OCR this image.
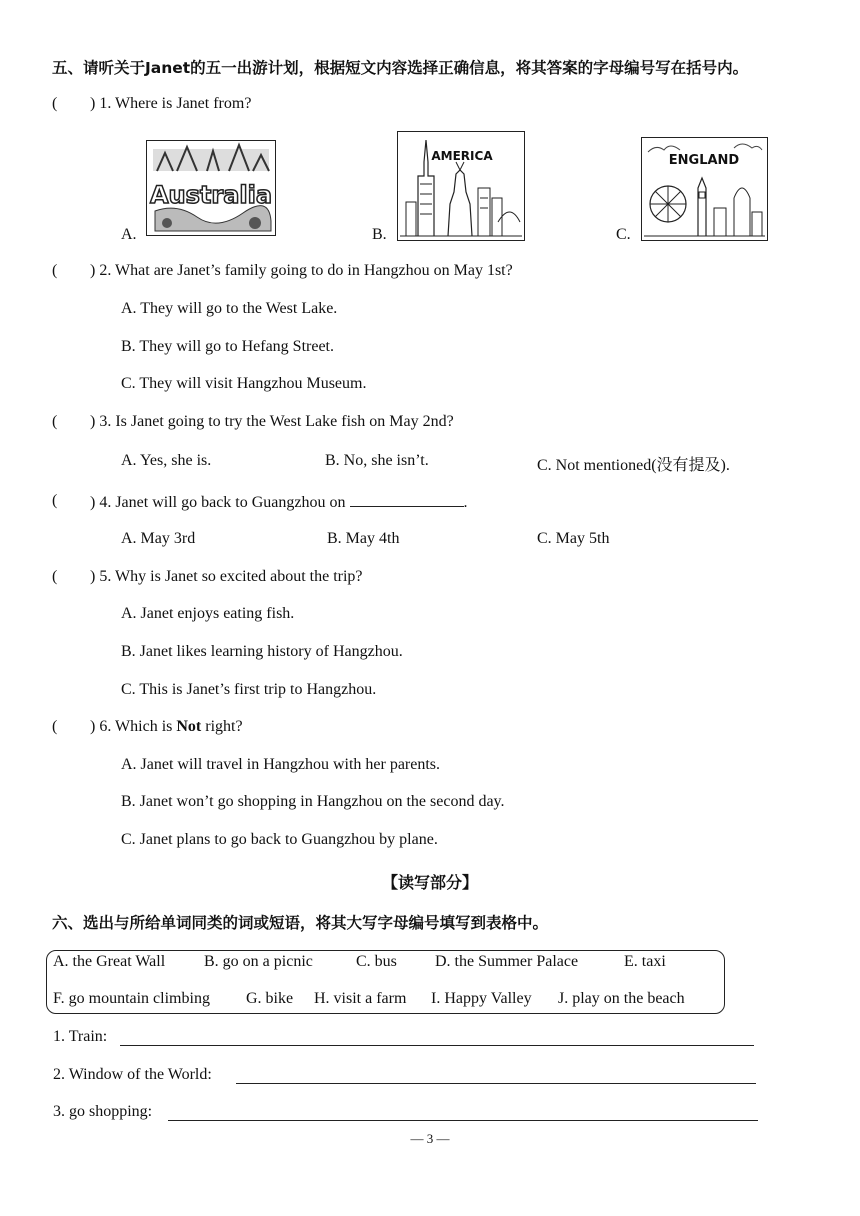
五、请听关于Janet的五一出游计划，根据短文内容选择正确信息，将其答案的字母编号写在括号内。
( ) 1. Where is Janet from?
A.
Australia
B.
AMERICA
C.
ENGLAND
( ) 2. What are Janet’s family going to do in Hangzhou on May 1st?
A. They will go to the West Lake.
B. They will go to Hefang Street.
C. They will visit Hangzhou Museum.
( ) 3. Is Janet going to try the West Lake fish on May 2nd?
A. Yes, she is.	B. No, she isn’t.	C. Not mentioned(没有提及).
( ) 4. Janet will go back to Guangzhou on	.
A. May 3rd	B. May 4th	C. May 5th
( ) 5. Why is Janet so excited about the trip?
A. Janet enjoys eating fish.
B. Janet likes learning history of Hangzhou.
C. This is Janet’s first trip to Hangzhou.
( ) 6. Which is Not right?
A. Janet will travel in Hangzhou with her parents.
B. Janet won’t go shopping in Hangzhou on the second day.
C. Janet plans to go back to Guangzhou by plane.
【读写部分】
六、选出与所给单词同类的词或短语，将其大写字母编号填写到表格中。
A. the Great Wall B. go on a picnic	C. bus D. the Summer Palace	E. taxi
F. go mountain climbing G. bike H. visit a farm I. Happy Valley J. play on the beach
1. Train:
2. Window of the World:
3. go shopping:
— 3 —
